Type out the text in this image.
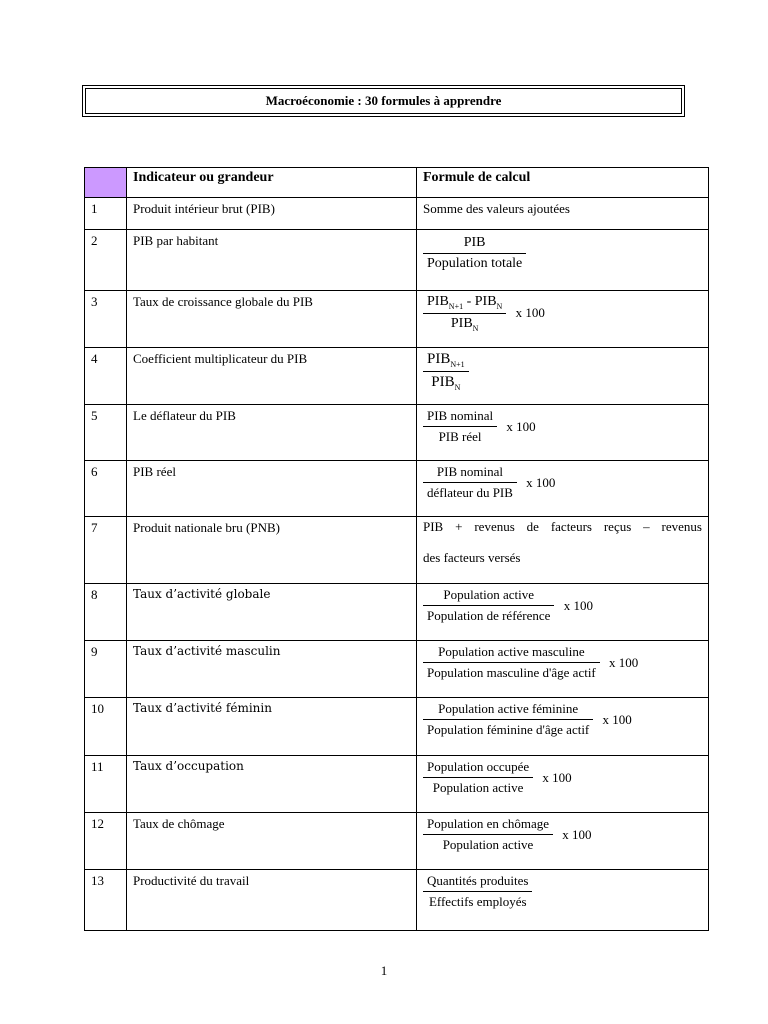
Macroéconomie : 30 formules à apprendre
	Indicateur ou grandeur	Formule de calcul
1	Produit intérieur brut (PIB)	Somme des valeurs ajoutées
2	PIB par habitant	$\frac{\text{PIB}}{\text{Population totale}}$

3	Taux de croissance globale du PIB	$\frac{PIB_{N+1} - PIB_N}{PIB_N}$ x 100
4	Coefficient multiplicateur du PIB	$\frac{PIB_{N+1}}{PIB_N}$

5	Le déflateur du PIB	$\frac{\text{PIB nominal}}{\text{PIB réel}}$ x 100
6	PIB réel	$\frac{\text{PIB nominal}}{\text{déflateur du PIB}}$ x 100
7	Produit nationale bru (PNB)	PIB + revenus de facteurs reçus – revenus
des facteurs versés

8	Taux d’activité globale	$\frac{\text{Population active}}{\text{Population de référence}}$ x 100
9	Taux d’activité masculin	$\frac{\text{Population active masculine}}{\text{Population masculine d'âge actif}}$ x 100
10	Taux d’activité féminin	$\frac{\text{Population active féminine}}{\text{Population féminine d'âge actif}}$ x 100
11	Taux d’occupation	$\frac{\text{Population occupée}}{\text{Population active}}$ x 100
12	Taux de chômage	$\frac{\text{Population en chômage}}{\text{Population active}}$ x 100
13	Productivité du travail	$\frac{\text{Quantités produites}}{\text{Effectifs employés}}$
1
